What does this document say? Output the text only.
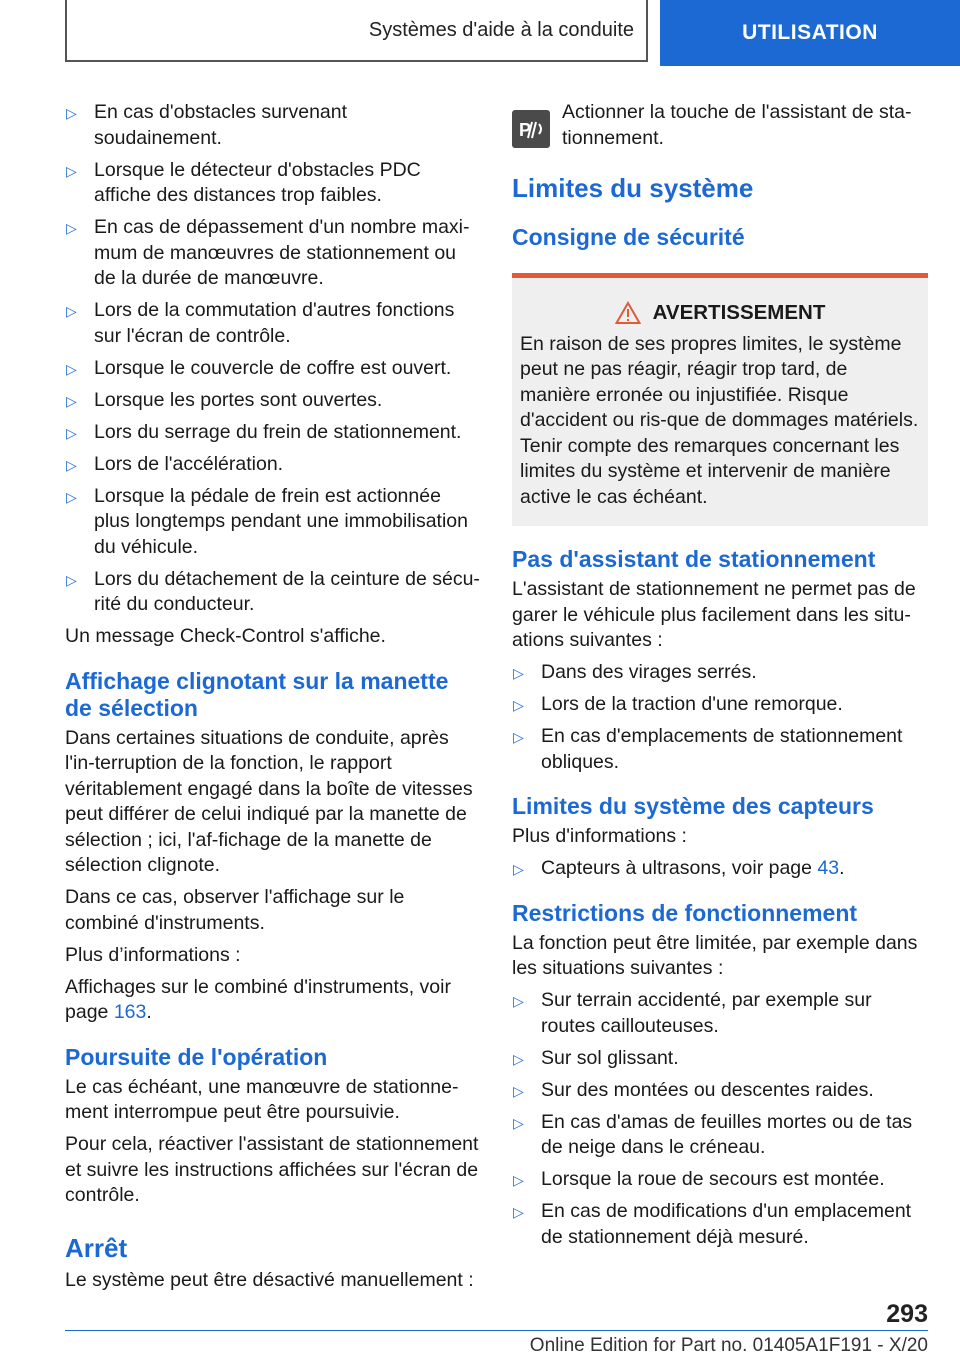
Systèmes d'aide à la conduite	UTILISATION
▷ En cas d'obstacles survenant soudainement.
▷ Lorsque le détecteur d'obstacles PDC affiche des distances trop faibles.
▷ En cas de dépassement d'un nombre maxi-mum de manœuvres de stationnement ou de la durée de manœuvre.
▷ Lors de la commutation d'autres fonctions sur l'écran de contrôle.
▷ Lorsque le couvercle de coffre est ouvert.
▷ Lorsque les portes sont ouvertes.
▷ Lors du serrage du frein de stationnement.
▷ Lors de l'accélération.
▷ Lorsque la pédale de frein est actionnée plus longtemps pendant une immobilisation du véhicule.
▷ Lors du détachement de la ceinture de sécu-rité du conducteur.

Un message Check-Control s'affiche.

Affichage clignotant sur la manette de sélection

Dans certaines situations de conduite, après l'in-terruption de la fonction, le rapport véritablement engagé dans la boîte de vitesses peut différer de celui indiqué par la manette de sélection ; ici, l'af-fichage de la manette de sélection clignote.

Dans ce cas, observer l'affichage sur le combiné d'instruments.

Plus d’informations :

Affichages sur le combiné d'instruments, voir page 163.

Poursuite de l'opération

Le cas échéant, une manœuvre de stationne-ment interrompue peut être poursuivie.

Pour cela, réactiver l'assistant de stationnement et suivre les instructions affichées sur l'écran de contrôle.

Arrêt

Le système peut être désactivé manuellement :

P

Actionner la touche de l'assistant de sta-tionnement.

Limites du système
Consigne de sécurité
AVERTISSEMENT

En raison de ses propres limites, le système peut ne pas réagir, réagir trop tard, de manière erronée ou injustifiée. Risque d'accident ou ris-que de dommages matériels. Tenir compte des remarques concernant les limites du système et intervenir de manière active le cas échéant.

Pas d'assistant de stationnement

L'assistant de stationnement ne permet pas de garer le véhicule plus facilement dans les situ-ations suivantes :

▷ Dans des virages serrés.
▷ Lors de la traction d'une remorque.
▷ En cas d'emplacements de stationnement obliques.
Limites du système des capteurs

Plus d'informations :

▷ Capteurs à ultrasons, voir page 43.
Restrictions de fonctionnement

La fonction peut être limitée, par exemple dans les situations suivantes :

▷ Sur terrain accidenté, par exemple sur routes caillouteuses.
▷ Sur sol glissant.
▷ Sur des montées ou descentes raides.
▷ En cas d'amas de feuilles mortes ou de tas de neige dans le créneau.
▷ Lorsque la roue de secours est montée.
▷ En cas de modifications d'un emplacement de stationnement déjà mesuré.
293
Online Edition for Part no. 01405A1F191 - X/20
